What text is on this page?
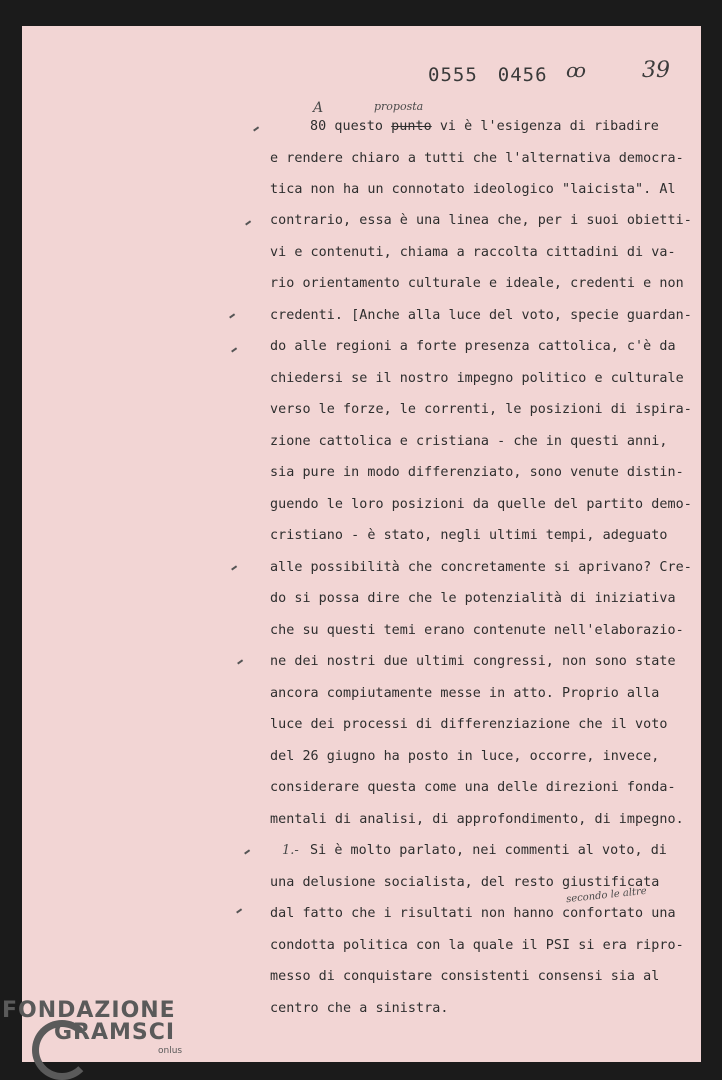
0555 0456 ꝏ	39
A	proposta
secondo le altre
1.-
80 questo punto vi è l'esigenza di ribadire
e rendere chiaro a tutti che l'alternativa democra-
tica non ha un connotato ideologico "laicista". Al
contrario, essa è una linea che, per i suoi obietti-
vi e contenuti, chiama a raccolta cittadini di va-
rio orientamento culturale e ideale, credenti e non
credenti. [Anche alla luce del voto, specie guardan-
do alle regioni a forte presenza cattolica, c'è da
chiedersi se il nostro impegno politico e culturale
verso le forze, le correnti, le posizioni di ispira-
zione cattolica e cristiana - che in questi anni,
sia pure in modo differenziato, sono venute distin-
guendo le loro posizioni da quelle del partito demo-
cristiano - è stato, negli ultimi tempi, adeguato
alle possibilità che concretamente si aprivano? Cre-
do si possa dire che le potenzialità di iniziativa
che su questi temi erano contenute nell'elaborazio-
ne dei nostri due ultimi congressi, non sono state
ancora compiutamente messe in atto. Proprio alla
luce dei processi di differenziazione che il voto
del 26 giugno ha posto in luce, occorre, invece,
considerare questa come una delle direzioni fonda-
mentali di analisi, di approfondimento, di impegno.
Si è molto parlato, nei commenti al voto, di
una delusione socialista, del resto giustificata
dal fatto che i risultati non hanno confortato una
condotta politica con la quale il PSI si era ripro-
messo di conquistare consistenti consensi sia al
centro che a sinistra.
FONDAZIONE
GRAMSCI
onlus
